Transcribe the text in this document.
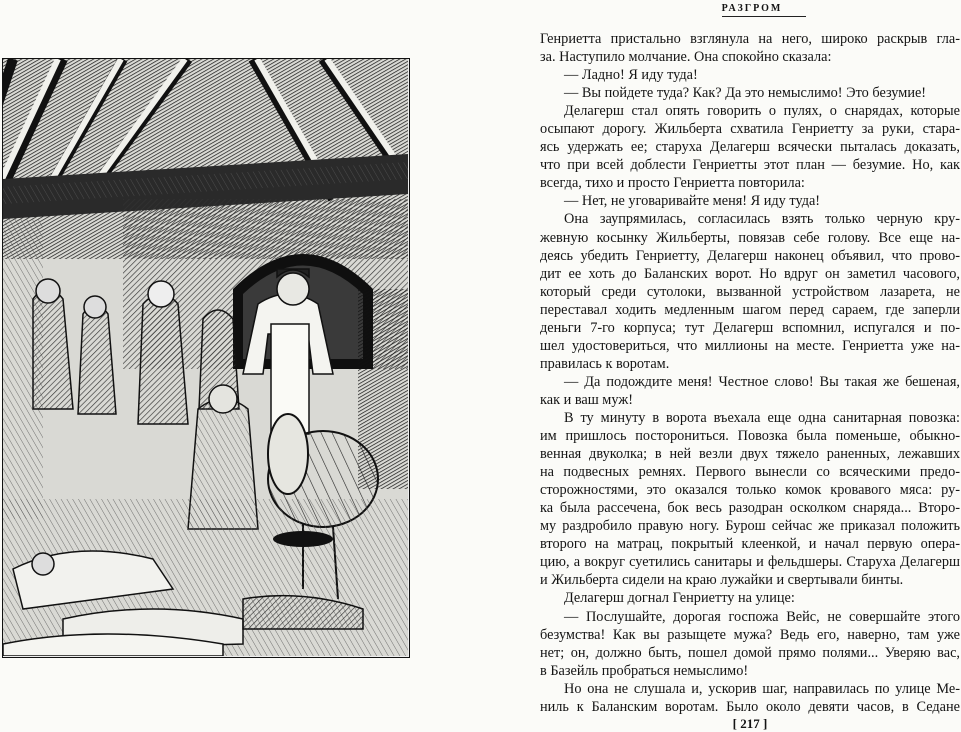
РАЗГРОМ
Генриетта пристально взглянула на него, широко раскрыв гла-
за. Наступило молчание. Она спокойно сказала:
— Ладно! Я иду туда!
— Вы пойдете туда? Как? Да это немыслимо! Это безумие!
Делагерш стал опять говорить о пулях, о снарядах, которые
осыпают дорогу. Жильберта схватила Генриетту за руки, стара-
ясь удержать ее; старуха Делагерш всячески пыталась доказать,
что при всей доблести Генриетты этот план — безумие. Но, как
всегда, тихо и просто Генриетта повторила:
— Нет, не уговаривайте меня! Я иду туда!
Она заупрямилась, согласилась взять только черную кру-
жевную косынку Жильберты, повязав себе голову. Все еще на-
деясь убедить Генриетту, Делагерш наконец объявил, что прово-
дит ее хоть до Баланских ворот. Но вдруг он заметил часового,
который среди сутолоки, вызванной устройством лазарета, не
переставал ходить медленным шагом перед сараем, где заперли
деньги 7-го корпуса; тут Делагерш вспомнил, испугался и по-
шел удостовериться, что миллионы на месте. Генриетта уже на-
правилась к воротам.
— Да подождите меня! Честное слово! Вы такая же бешеная,
как и ваш муж!
В ту минуту в ворота въехала еще одна санитарная повозка:
им пришлось посторониться. Повозка была поменьше, обыкно-
венная двуколка; в ней везли двух тяжело раненных, лежавших
на подвесных ремнях. Первого вынесли со всяческими предо-
сторожностями, это оказался только комок кровавого мяса: ру-
ка была рассечена, бок весь разодран осколком снаряда... Второ-
му раздробило правую ногу. Бурош сейчас же приказал положить
второго на матрац, покрытый клеенкой, и начал первую опера-
цию, а вокруг суетились санитары и фельдшеры. Старуха Делагерш
и Жильберта сидели на краю лужайки и свертывали бинты.
Делагерш догнал Генриетту на улице:
— Послушайте, дорогая госпожа Вейс, не совершайте этого
безумства! Как вы разыщете мужа? Ведь его, наверно, там уже
нет; он, должно быть, пошел домой прямо полями... Уверяю вас,
в Базейль пробраться немыслимо!
Но она не слушала и, ускорив шаг, направилась по улице Ме-
ниль к Баланским воротам. Было около девяти часов, в Седане
[ 217 ]
